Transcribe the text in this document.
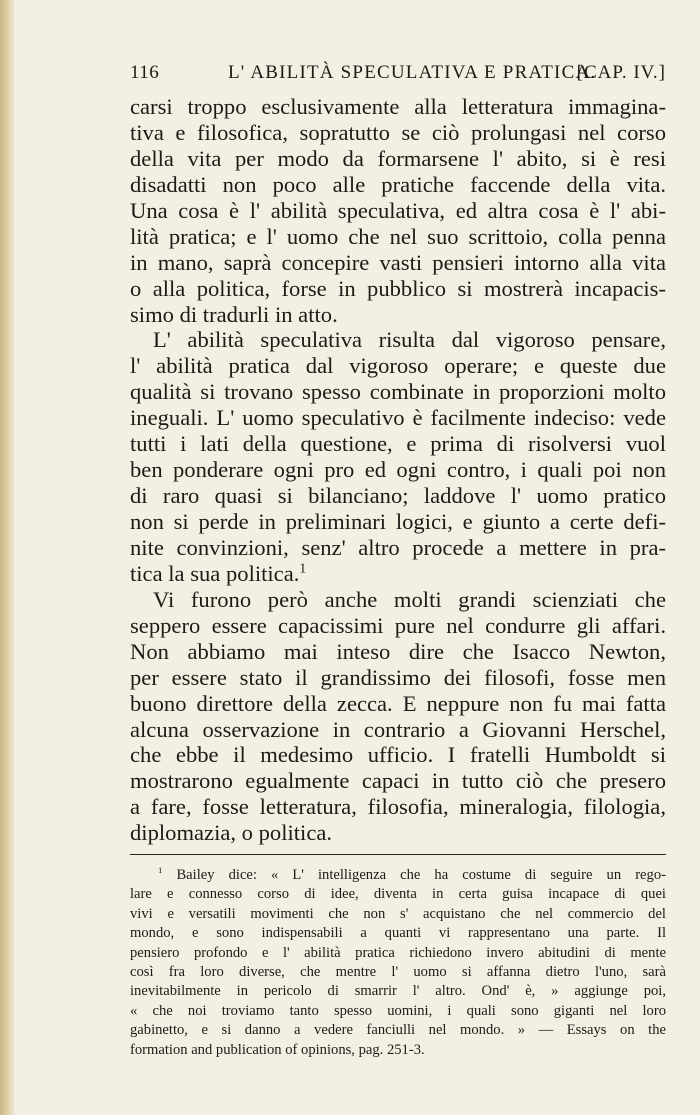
116	L' ABILITÀ SPECULATIVA E PRATICA.
[CAP. IV.]
carsi troppo esclusivamente alla letteratura immagina-
tiva e filosofica, sopratutto se ciò prolungasi nel corso
della vita per modo da formarsene l' abito, si è resi
disadatti non poco alle pratiche faccende della vita.
Una cosa è l' abilità speculativa, ed altra cosa è l' abi-
lità pratica; e l' uomo che nel suo scrittoio, colla penna
in mano, saprà concepire vasti pensieri intorno alla vita
o alla politica, forse in pubblico si mostrerà incapacis-
simo di tradurli in atto.
L' abilità speculativa risulta dal vigoroso pensare,
l' abilità pratica dal vigoroso operare; e queste due
qualità si trovano spesso combinate in proporzioni molto
ineguali. L' uomo speculativo è facilmente indeciso: vede
tutti i lati della questione, e prima di risolversi vuol
ben ponderare ogni pro ed ogni contro, i quali poi non
di raro quasi si bilanciano; laddove l' uomo pratico
non si perde in preliminari logici, e giunto a certe defi-
nite convinzioni, senz' altro procede a mettere in pra-
tica la sua politica.$^1$
Vi furono però anche molti grandi scienziati che
seppero essere capacissimi pure nel condurre gli affari.
Non abbiamo mai inteso dire che Isacco Newton,
per essere stato il grandissimo dei filosofi, fosse men
buono direttore della zecca. E neppure non fu mai fatta
alcuna osservazione in contrario a Giovanni Herschel,
che ebbe il medesimo ufficio. I fratelli Humboldt si
mostrarono egualmente capaci in tutto ciò che presero
a fare, fosse letteratura, filosofia, mineralogia, filologia,
diplomazia, o politica.
$^1$ Bailey dice: « L' intelligenza che ha costume di seguire un rego-
lare e connesso corso di idee, diventa in certa guisa incapace di quei
vivi e versatili movimenti che non s' acquistano che nel commercio del
mondo, e sono indispensabili a quanti vi rappresentano una parte. Il
pensiero profondo e l' abilità pratica richiedono invero abitudini di mente
così fra loro diverse, che mentre l' uomo si affanna dietro l'uno, sarà
inevitabilmente in pericolo di smarrir l' altro. Ond' è, » aggiunge poi,
« che noi troviamo tanto spesso uomini, i quali sono giganti nel loro
gabinetto, e si danno a vedere fanciulli nel mondo. » — Essays on the
formation and publication of opinions, pag. 251-3.
